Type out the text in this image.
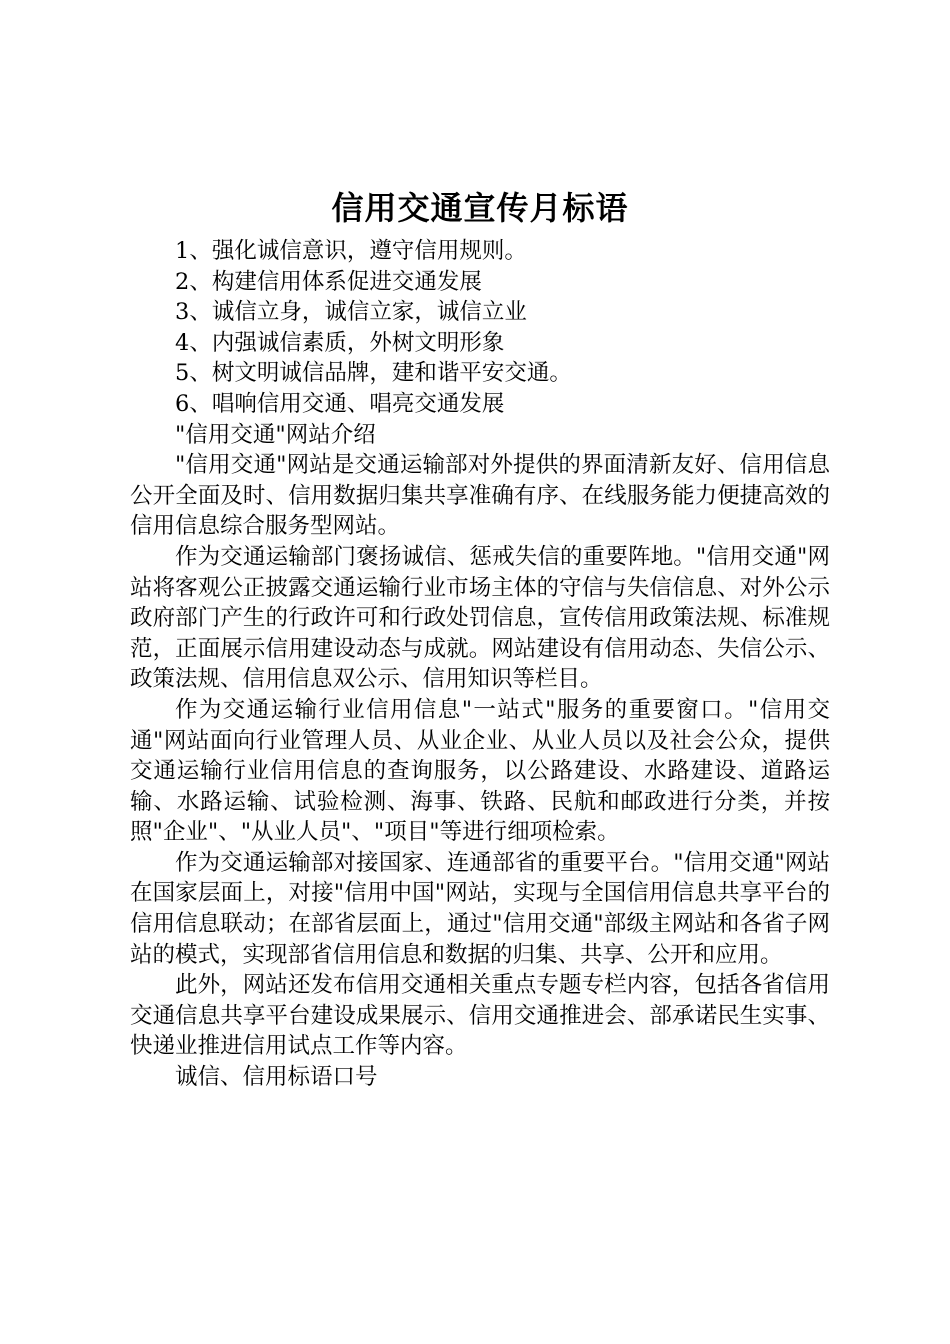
信用交通宣传月标语

1、强化诚信意识，遵守信用规则。

2、构建信用体系促进交通发展

3、诚信立身，诚信立家，诚信立业

4、内强诚信素质，外树文明形象

5、树文明诚信品牌，建和谐平安交通。

6、唱响信用交通、唱亮交通发展

"信用交通"网站介绍

"信用交通"网站是交通运输部对外提供的界面清新友好、信用信息公开全面及时、信用数据归集共享准确有序、在线服务能力便捷高效的信用信息综合服务型网站。

作为交通运输部门褒扬诚信、惩戒失信的重要阵地。"信用交通"网站将客观公正披露交通运输行业市场主体的守信与失信信息、对外公示政府部门产生的行政许可和行政处罚信息，宣传信用政策法规、标准规范，正面展示信用建设动态与成就。网站建设有信用动态、失信公示、政策法规、信用信息双公示、信用知识等栏目。

作为交通运输行业信用信息"一站式"服务的重要窗口。"信用交通"网站面向行业管理人员、从业企业、从业人员以及社会公众，提供交通运输行业信用信息的查询服务，以公路建设、水路建设、道路运输、水路运输、试验检测、海事、铁路、民航和邮政进行分类，并按照"企业"、"从业人员"、"项目"等进行细项检索。

作为交通运输部对接国家、连通部省的重要平台。"信用交通"网站在国家层面上，对接"信用中国"网站，实现与全国信用信息共享平台的信用信息联动；在部省层面上，通过"信用交通"部级主网站和各省子网站的模式，实现部省信用信息和数据的归集、共享、公开和应用。

此外，网站还发布信用交通相关重点专题专栏内容，包括各省信用交通信息共享平台建设成果展示、信用交通推进会、部承诺民生实事、快递业推进信用试点工作等内容。

诚信、信用标语口号
